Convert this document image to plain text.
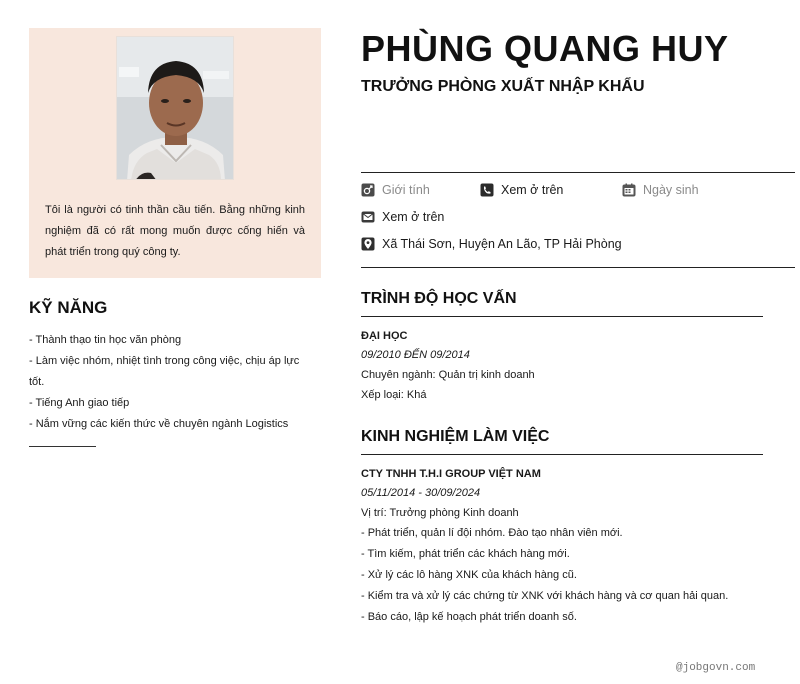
Tôi là người có tinh thần cầu tiến. Bằng những kinh nghiệm đã có rất mong muốn được cống hiến và phát triển trong quý công ty.

KỸ NĂNG
- Thành thạo tin học văn phòng
- Làm việc nhóm, nhiệt tình trong công việc, chịu áp lực tốt.
- Tiếng Anh giao tiếp
- Nắm vững các kiến thức về chuyên ngành Logistics
PHÙNG QUANG HUY
TRƯỞNG PHÒNG XUẤT NHẬP KHẨU
Giới tính	Xem ở trên	Ngày sinh
Xem ở trên
Xã Thái Sơn, Huyện An Lão, TP Hải Phòng
TRÌNH ĐỘ HỌC VẤN
ĐẠI HỌC
09/2010 ĐẾN 09/2014
Chuyên ngành: Quản trị kinh doanh
Xếp loại: Khá
KINH NGHIỆM LÀM VIỆC
CTY TNHH T.H.I GROUP VIỆT NAM
05/11/2014 - 30/09/2024
Vị trí: Trưởng phòng Kinh doanh
- Phát triển, quản lí đội nhóm. Đào tạo nhân viên mới.
- Tìm kiếm, phát triển các khách hàng mới.
- Xử lý các lô hàng XNK của khách hàng cũ.
- Kiểm tra và xử lý các chứng từ XNK với khách hàng và cơ quan hải quan.
- Báo cáo, lập kế hoạch phát triển doanh số.
@jobgovn.com
